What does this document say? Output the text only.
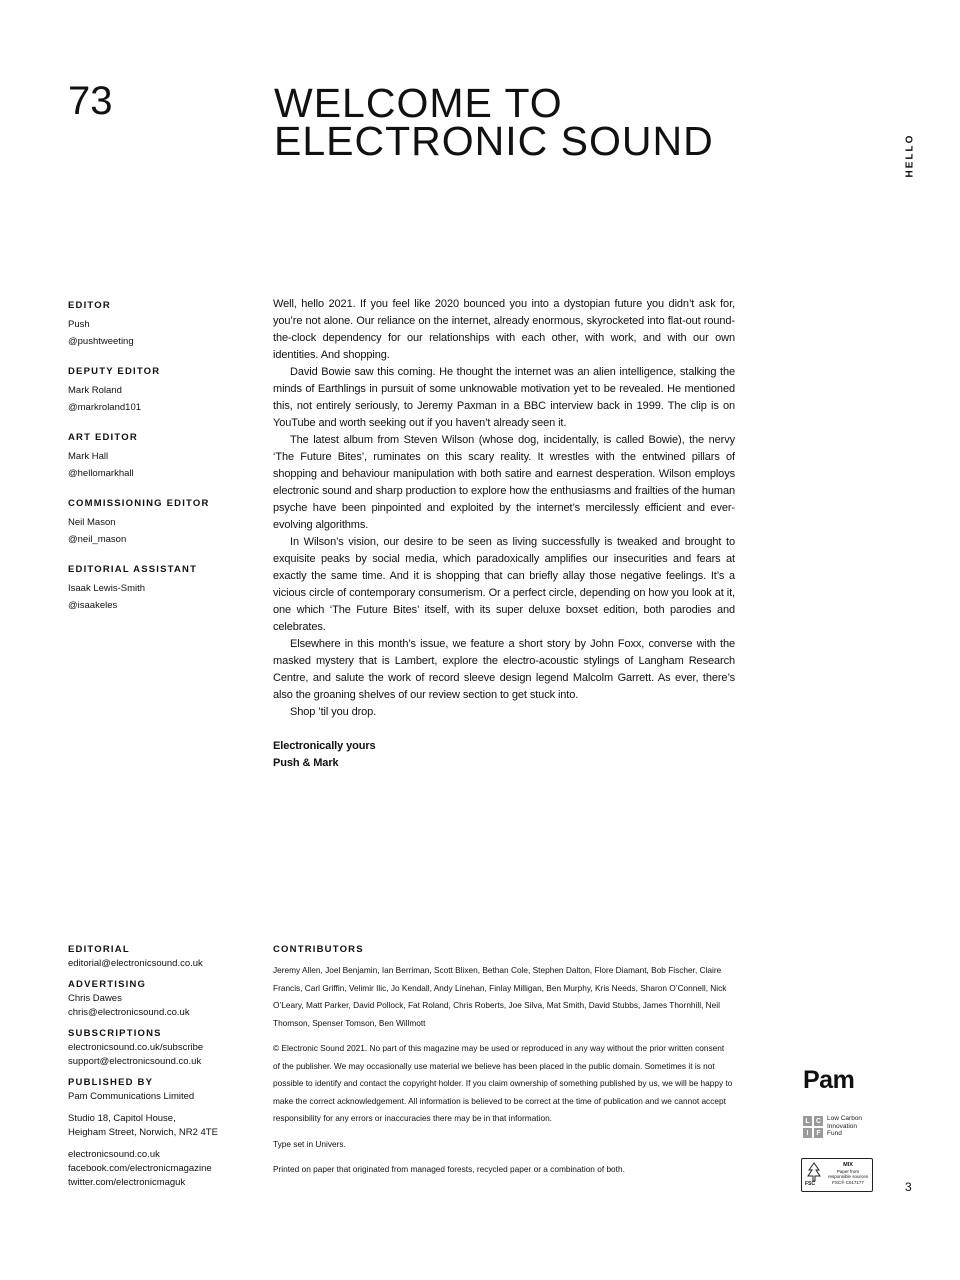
73	WELCOME TO
ELECTRONIC SOUND	HELLO
EDITOR
Push
@pushtweeting
DEPUTY EDITOR
Mark Roland
@markroland101
ART EDITOR
Mark Hall
@hellomarkhall
COMMISSIONING EDITOR
Neil Mason
@neil_mason
EDITORIAL ASSISTANT
Isaak Lewis-Smith
@isaakeles

Well, hello 2021. If you feel like 2020 bounced you into a dystopian future you didn’t ask for, you’re not alone. Our reliance on the internet, already enormous, skyrocketed into flat-out round-the-clock dependency for our relationships with each other, with work, and with our own identities. And shopping.

David Bowie saw this coming. He thought the internet was an alien intelligence, stalking the minds of Earthlings in pursuit of some unknowable motivation yet to be revealed. He mentioned this, not entirely seriously, to Jeremy Paxman in a BBC interview back in 1999. The clip is on YouTube and worth seeking out if you haven’t already seen it.

The latest album from Steven Wilson (whose dog, incidentally, is called Bowie), the nervy ‘The Future Bites’, ruminates on this scary reality. It wrestles with the entwined pillars of shopping and behaviour manipulation with both satire and earnest desperation. Wilson employs electronic sound and sharp production to explore how the enthusiasms and frailties of the human psyche have been pinpointed and exploited by the internet’s mercilessly efficient and ever-evolving algorithms.

In Wilson’s vision, our desire to be seen as living successfully is tweaked and brought to exquisite peaks by social media, which paradoxically amplifies our insecurities and fears at exactly the same time. And it is shopping that can briefly allay those negative feelings. It’s a vicious circle of contemporary consumerism. Or a perfect circle, depending on how you look at it, one which ‘The Future Bites’ itself, with its super deluxe boxset edition, both parodies and celebrates.

Elsewhere in this month’s issue, we feature a short story by John Foxx, converse with the masked mystery that is Lambert, explore the electro-acoustic stylings of Langham Research Centre, and salute the work of record sleeve design legend Malcolm Garrett. As ever, there’s also the groaning shelves of our review section to get stuck into.

Shop ’til you drop.

Electronically yours
Push & Mark
EDITORIAL
editorial@electronicsound.co.uk
ADVERTISING
Chris Dawes
chris@electronicsound.co.uk
SUBSCRIPTIONS
electronicsound.co.uk/subscribe
support@electronicsound.co.uk
PUBLISHED BY
Pam Communications Limited
Studio 18, Capitol House,
Heigham Street, Norwich, NR2 4TE
electronicsound.co.uk
facebook.com/electronicmagazine
twitter.com/electronicmaguk
CONTRIBUTORS
Jeremy Allen, Joel Benjamin, Ian Berriman, Scott Blixen, Bethan Cole, Stephen Dalton, Flore Diamant, Bob Fischer, Claire Francis, Carl Griffin, Velimir Ilic, Jo Kendall, Andy Linehan, Finlay Milligan, Ben Murphy, Kris Needs, Sharon O’Connell, Nick O’Leary, Matt Parker, David Pollock, Fat Roland, Chris Roberts, Joe Silva, Mat Smith, David Stubbs, James Thornhill, Neil Thomson, Spenser Tomson, Ben Willmott
© Electronic Sound 2021. No part of this magazine may be used or reproduced in any way without the prior written consent of the publisher. We may occasionally use material we believe has been placed in the public domain. Sometimes it is not possible to identify and contact the copyright holder. If you claim ownership of something published by us, we will be happy to make the correct acknowledgement. All information is believed to be correct at the time of publication and we cannot accept responsibility for any errors or inaccuracies there may be in that information.
Type set in Univers.
Printed on paper that originated from managed forests, recycled paper or a combination of both.
Pam
L C
I	F
Low Carbon
Innovation
Fund
FSC
MIX
Paper from
responsible sources
FSC® C017177	3
